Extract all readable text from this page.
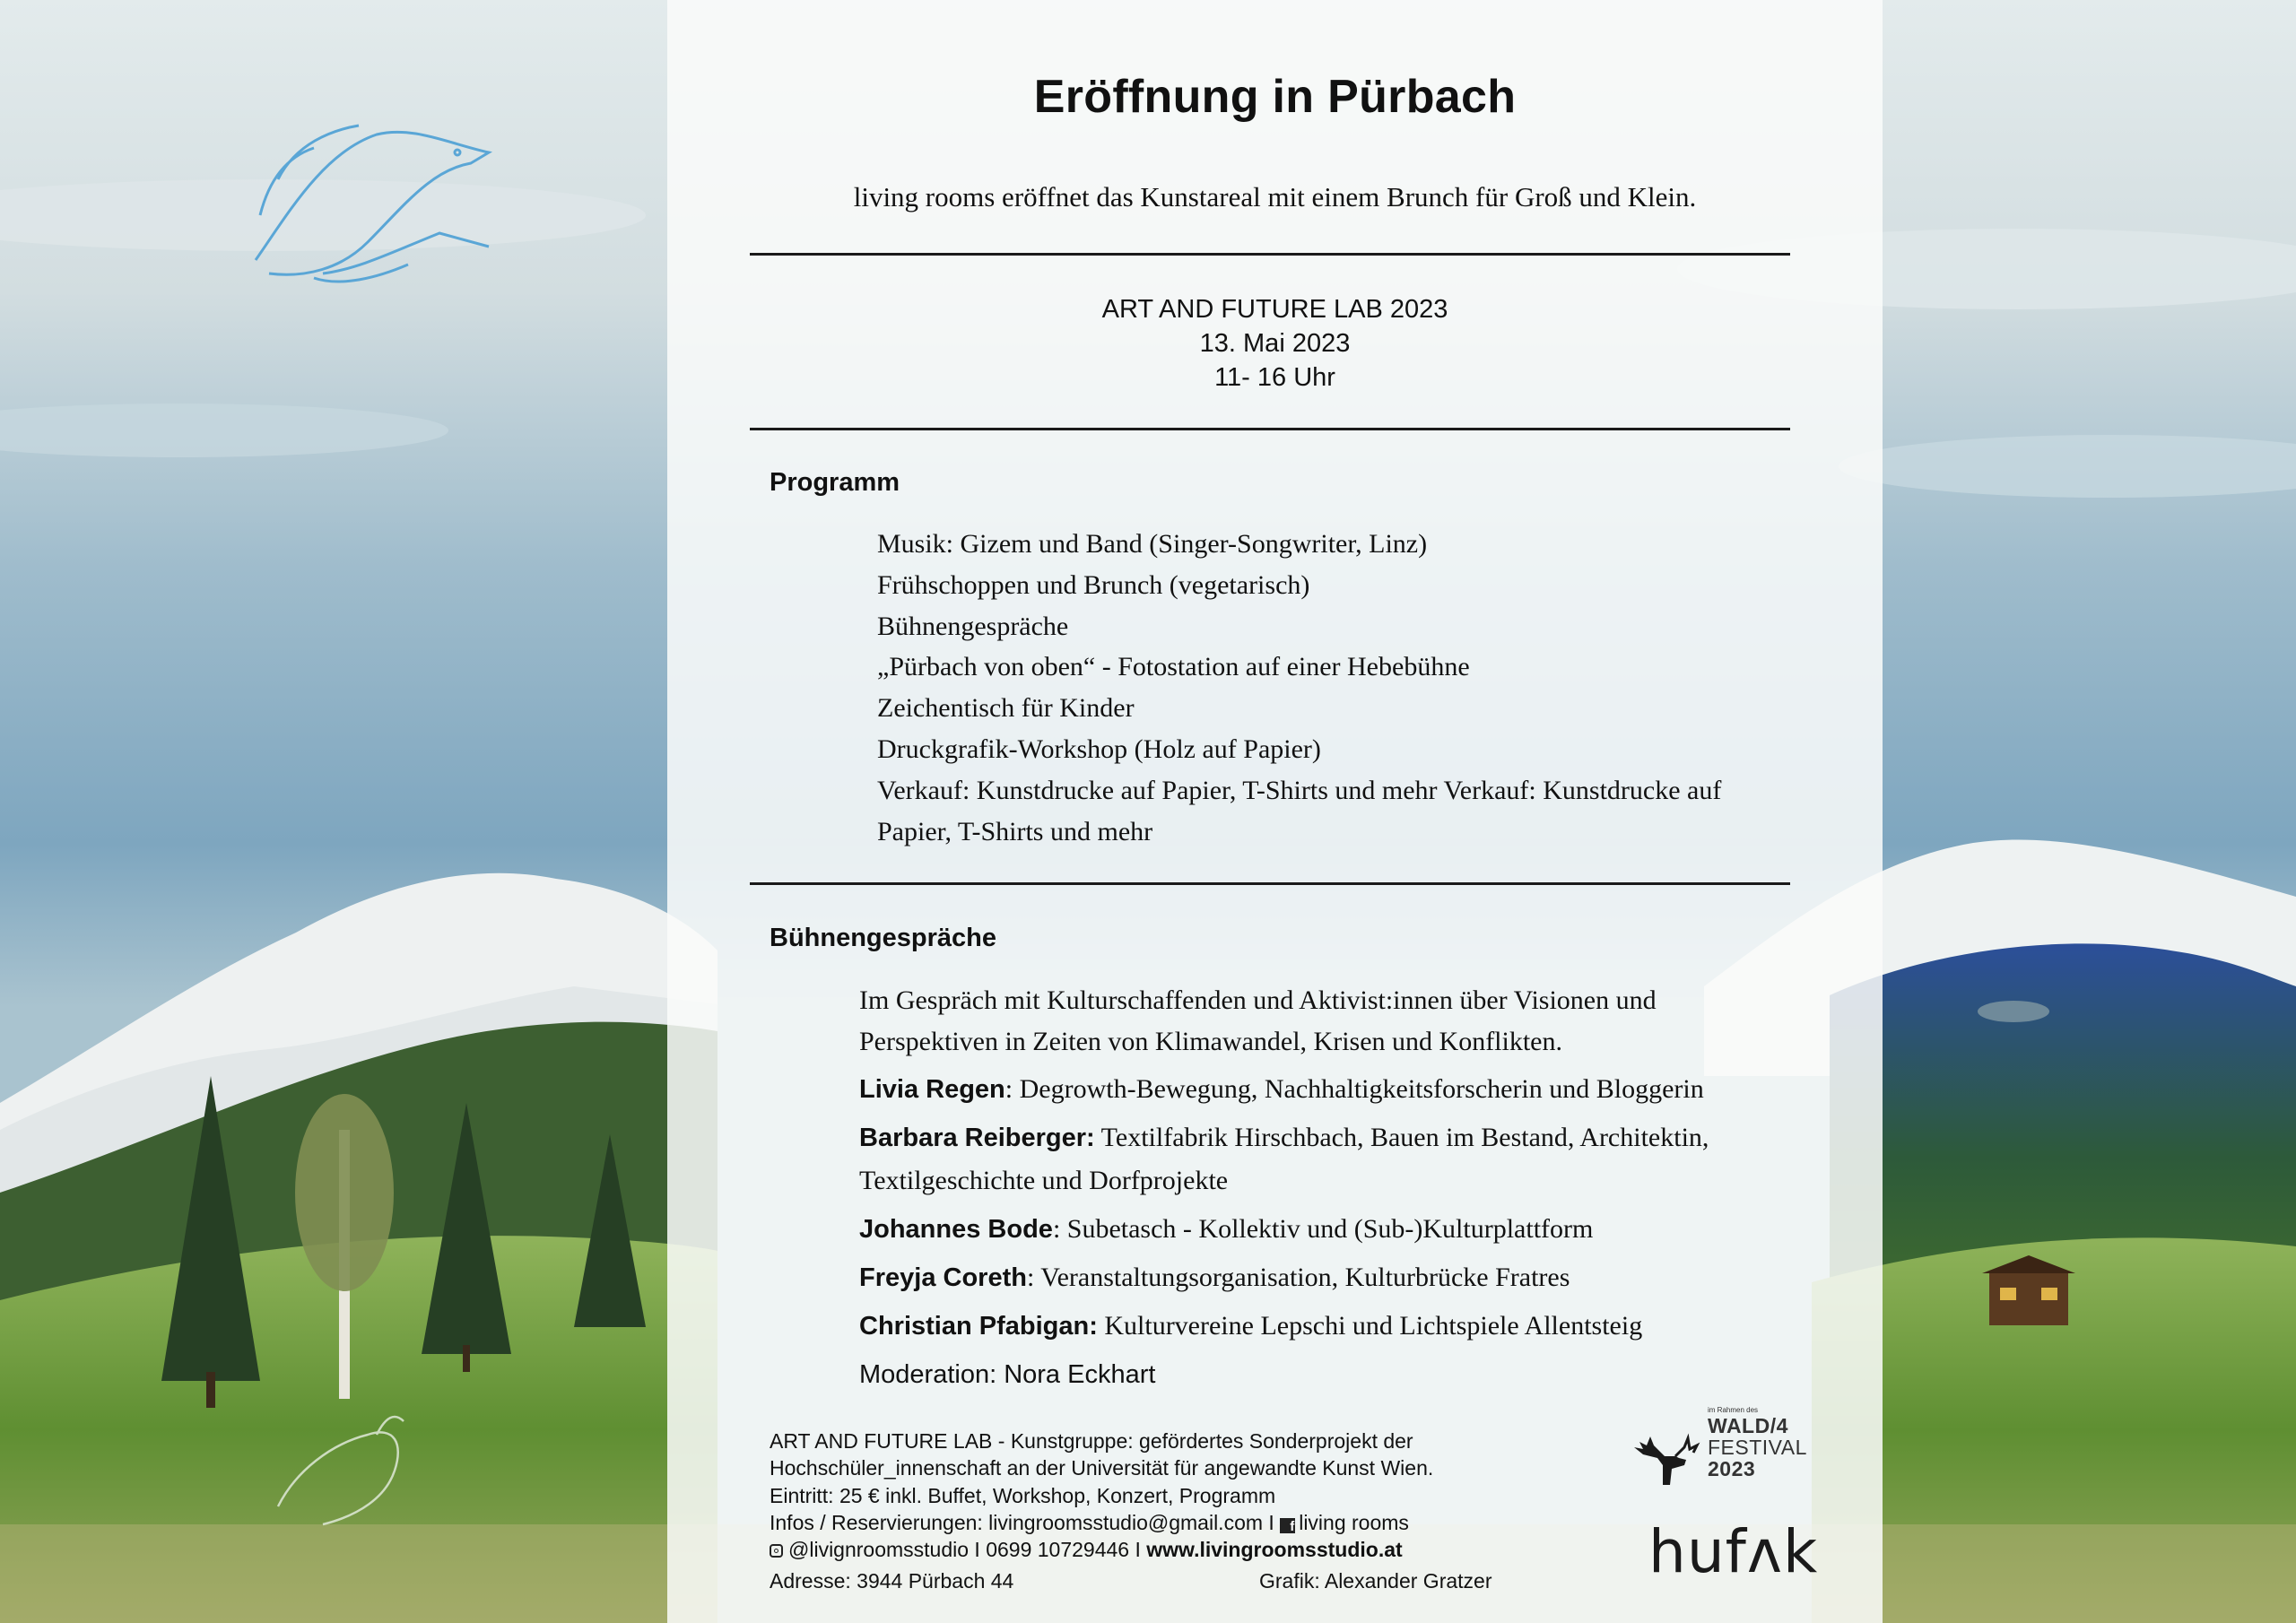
Eröffnung in Pürbach
living rooms eröffnet das Kunstareal mit einem Brunch für Groß und Klein.
ART AND FUTURE LAB 2023
13. Mai 2023
11- 16 Uhr
Programm
Musik: Gizem und Band (Singer-Songwriter, Linz)
Frühschoppen und Brunch (vegetarisch)
Bühnengespräche
„Pürbach von oben“ - Fotostation auf einer Hebebühne
Zeichentisch für Kinder
Druckgrafik-Workshop (Holz auf Papier)
Verkauf: Kunstdrucke auf Papier, T-Shirts und mehr Verkauf: Kunstdrucke auf Papier, T-Shirts und mehr
Bühnengespräche

Im Gespräch mit Kulturschaffenden und Aktivist:innen über Visionen und Perspektiven in Zeiten von Klimawandel, Krisen und Konflikten.

Livia Regen: Degrowth-Bewegung, Nachhaltigkeitsforscherin und Bloggerin

Barbara Reiberger: Textilfabrik Hirschbach, Bauen im Bestand, Architektin, Textilgeschichte und Dorfprojekte

Johannes Bode: Subetasch - Kollektiv und (Sub-)Kulturplattform

Freyja Coreth: Veranstaltungsorganisation, Kulturbrücke Fratres

Christian Pfabigan: Kulturvereine Lepschi und Lichtspiele Allentsteig

Moderation: Nora Eckhart
ART AND FUTURE LAB - Kunstgruppe: gefördertes Sonderprojekt der
Hochschüler_innenschaft an der Universität für angewandte Kunst Wien.
Eintritt: 25 € inkl. Buffet, Workshop, Konzert, Programm
Infos / Reservierungen: livingroomsstudio@gmail.com I f living rooms
@livignroomsstudio I 0699 10729446 I www.livingroomsstudio.at
Adresse: 3944 Pürbach 44	Grafik: Alexander Gratzer
im Rahmen des
WALD/4
FESTIVAL
2023
hufʌk
